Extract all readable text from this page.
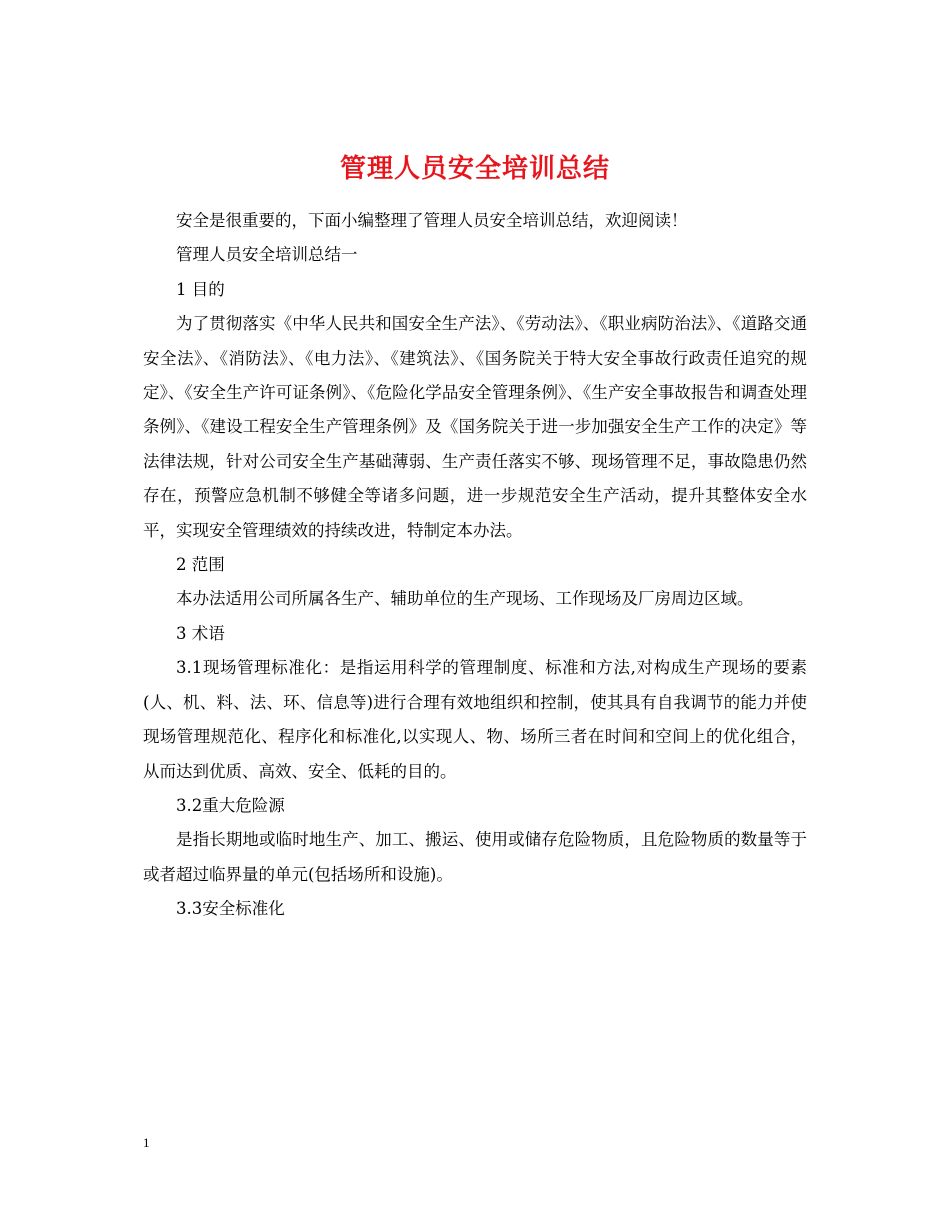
管理人员安全培训总结

安全是很重要的，下面小编整理了管理人员安全培训总结，欢迎阅读！

管理人员安全培训总结一

1 目的

为了贯彻落实《中华人民共和国安全生产法》、《劳动法》、《职业病防治法》、《道路交通安全法》、《消防法》、《电力法》、《建筑法》、《国务院关于特大安全事故行政责任追究的规定》、《安全生产许可证条例》、《危险化学品安全管理条例》、《生产安全事故报告和调查处理条例》、《建设工程安全生产管理条例》及《国务院关于进一步加强安全生产工作的决定》等法律法规，针对公司安全生产基础薄弱、生产责任落实不够、现场管理不足，事故隐患仍然存在，预警应急机制不够健全等诸多问题，进一步规范安全生产活动，提升其整体安全水平，实现安全管理绩效的持续改进，特制定本办法。

2 范围

本办法适用公司所属各生产、辅助单位的生产现场、工作现场及厂房周边区域。

3 术语

3.1现场管理标准化：是指运用科学的管理制度、标准和方法,对构成生产现场的要素(人、机、料、法、环、信息等)进行合理有效地组织和控制，使其具有自我调节的能力并使现场管理规范化、程序化和标准化,以实现人、物、场所三者在时间和空间上的优化组合，从而达到优质、高效、安全、低耗的目的。

3.2重大危险源

是指长期地或临时地生产、加工、搬运、使用或储存危险物质，且危险物质的数量等于或者超过临界量的单元(包括场所和设施)。

3.3安全标准化

1
